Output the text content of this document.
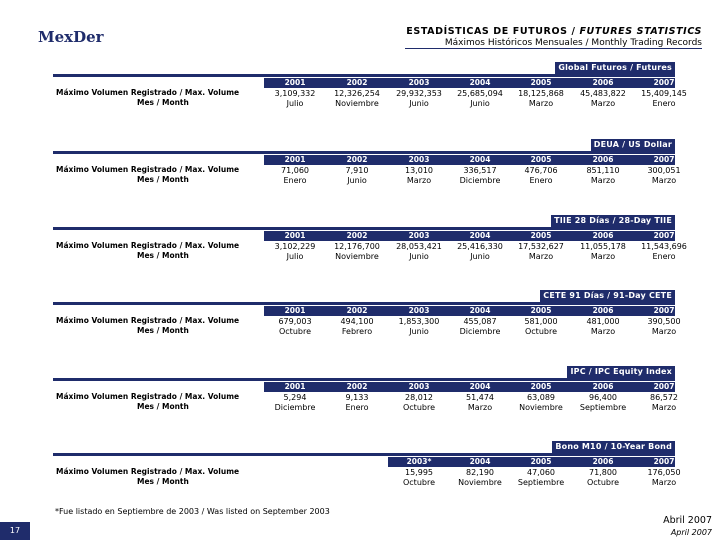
MexDer	ESTADÍSTICAS DE FUTUROS / FUTURES STATISTICS
Máximos Históricos Mensuales / Monthly Trading Records
Global Futuros / Futures
Máximo Volumen Registrado / Max. Volume
Mes / Month
2001
3,109,332
Julio
2002
12,326,254
Noviembre
2003
29,932,353
Junio
2004
25,685,094
Junio
2005
18,125,868
Marzo
2006
45,483,822
Marzo
2007
15,409,145
Enero
DEUA / US Dollar
Máximo Volumen Registrado / Max. Volume
Mes / Month
2001
71,060
Enero
2002
7,910
Junio
2003
13,010
Marzo
2004
336,517
Diciembre
2005
476,706
Enero
2006
851,110
Marzo
2007
300,051
Marzo
TIIE 28 Días / 28-Day TIIE
Máximo Volumen Registrado / Max. Volume
Mes / Month
2001
3,102,229
Julio
2002
12,176,700
Noviembre
2003
28,053,421
Junio
2004
25,416,330
Junio
2005
17,532,627
Marzo
2006
11,055,178
Marzo
2007
11,543,696
Enero
CETE 91 Días / 91-Day CETE
Máximo Volumen Registrado / Max. Volume
Mes / Month
2001
679,003
Octubre
2002
494,100
Febrero
2003
1,853,300
Junio
2004
455,087
Diciembre
2005
581,000
Octubre
2006
481,000
Marzo
2007
390,500
Marzo
IPC / IPC Equity Index
Máximo Volumen Registrado / Max. Volume
Mes / Month
2001
5,294
Diciembre
2002
9,133
Enero
2003
28,012
Octubre
2004
51,474
Marzo
2005
63,089
Noviembre
2006
96,400
Septiembre
2007
86,572
Marzo
Bono M10 / 10-Year Bond
Máximo Volumen Registrado / Max. Volume
Mes / Month
2003*
15,995
Octubre
2004
82,190
Noviembre
2005
47,060
Septiembre
2006
71,800
Octubre
2007
176,050
Marzo
*Fue listado en Septiembre de 2003 / Was listed on September 2003
17
Abril 2007
April 2007
